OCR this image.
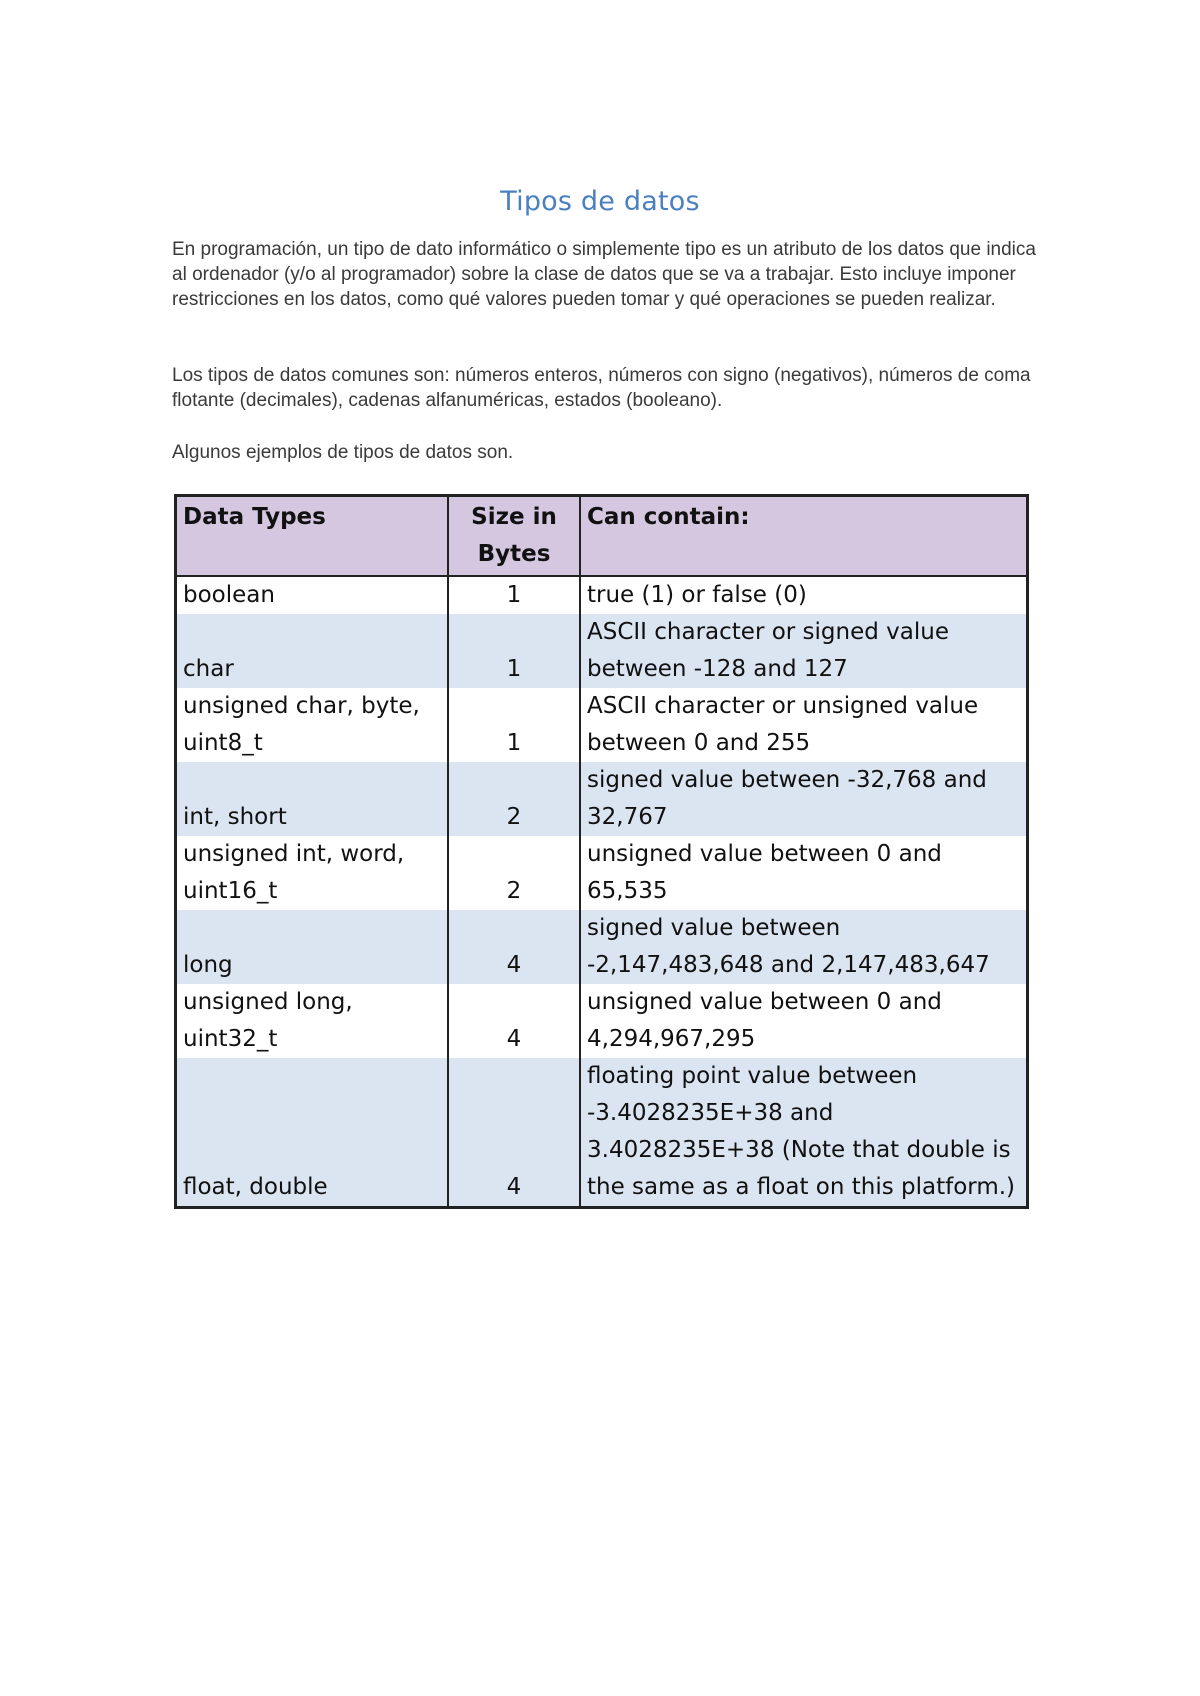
Tipos de datos

En programación, un tipo de dato informático o simplemente tipo es un atributo de los datos que indica al ordenador (y/o al programador) sobre la clase de datos que se va a trabajar. Esto incluye imponer restricciones en los datos, como qué valores pueden tomar y qué operaciones se pueden realizar.

Los tipos de datos comunes son: números enteros, números con signo (negativos), números de coma flotante (decimales), cadenas alfanuméricas, estados (booleano).

Algunos ejemplos de tipos de datos son.

Data Types	Size in Bytes	Can contain:
boolean	1	true (1) or false (0)
char	1	ASCII character or signed value between -128 and 127
unsigned char, byte, uint8_t	1	ASCII character or unsigned value between 0 and 255
int, short	2	signed value between -32,768 and 32,767
unsigned int, word, uint16_t	2	unsigned value between 0 and 65,535
long	4	signed value between -2,147,483,648 and 2,147,483,647
unsigned long, uint32_t	4	unsigned value between 0 and 4,294,967,295
float, double	4	floating point value between -3.4028235E+38 and 3.4028235E+38 (Note that double is the same as a float on this platform.)
